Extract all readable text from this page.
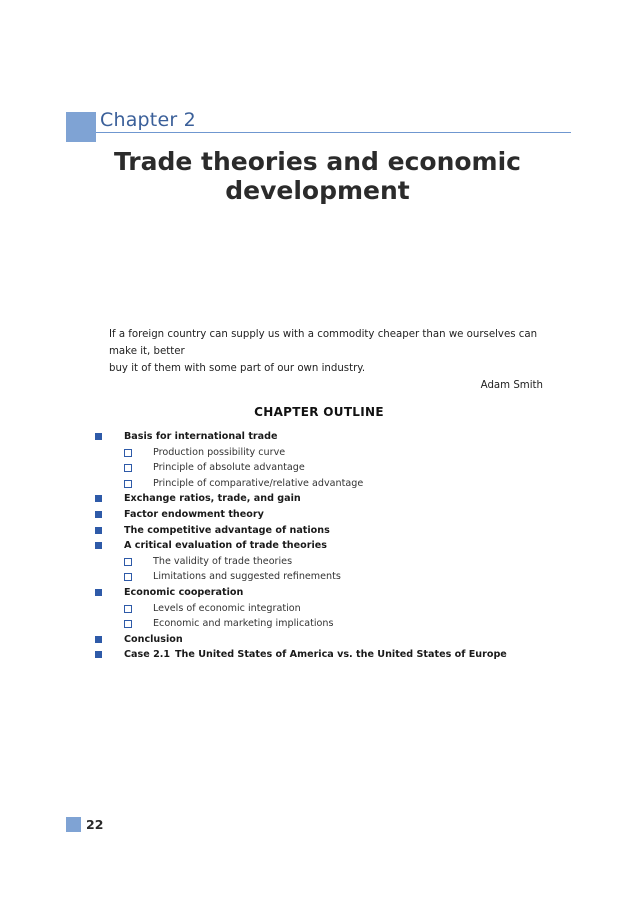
Chapter 2
Trade theories and economic
development
If a foreign country can supply us with a commodity cheaper than we ourselves can make it, better
buy it of them with some part of our own industry.
Adam Smith
CHAPTER OUTLINE
Basis for international trade
Production possibility curve
Principle of absolute advantage
Principle of comparative/relative advantage
Exchange ratios, trade, and gain
Factor endowment theory
The competitive advantage of nations
A critical evaluation of trade theories
The validity of trade theories
Limitations and suggested refinements
Economic cooperation
Levels of economic integration
Economic and marketing implications
Conclusion
Case 2.1 The United States of America vs. the United States of Europe
22
